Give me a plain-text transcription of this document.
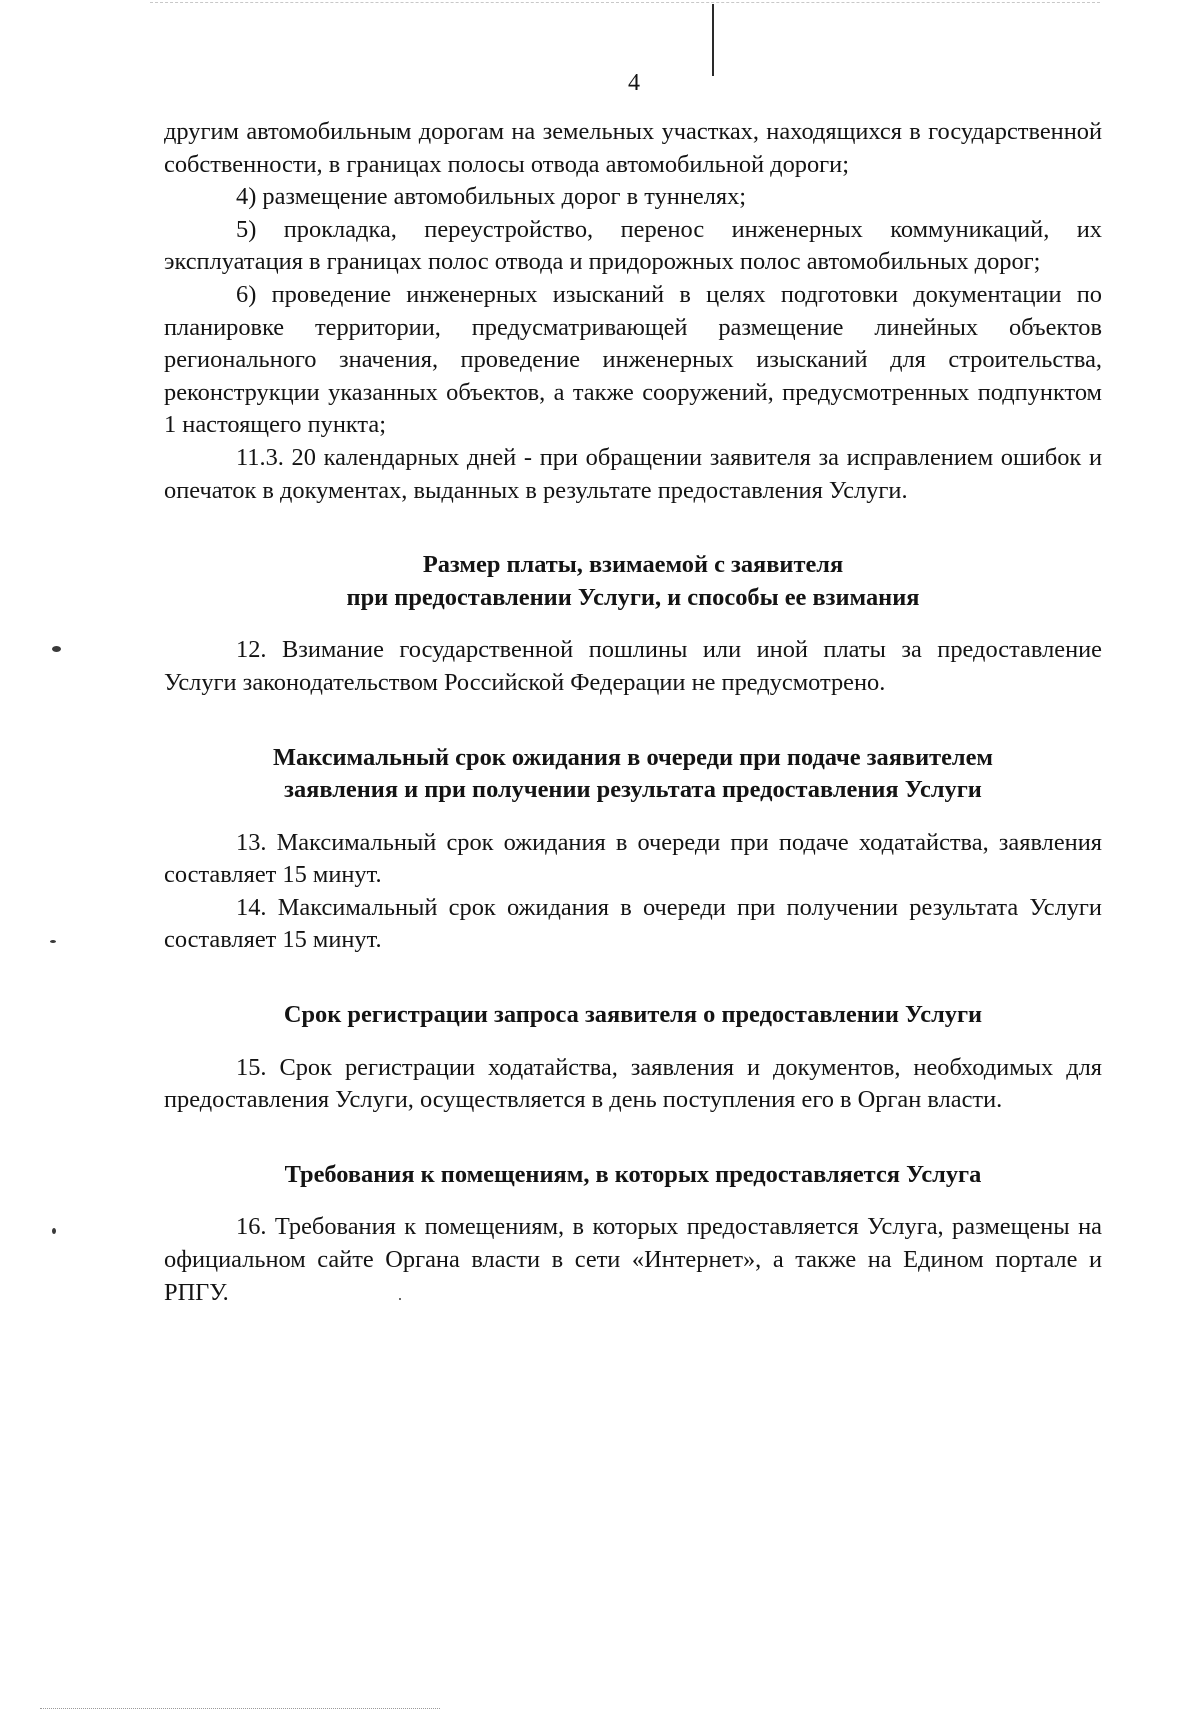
4

другим автомобильным дорогам на земельных участках, находящихся в государственной собственности, в границах полосы отвода автомобильной дороги;

4) размещение автомобильных дорог в туннелях;

5) прокладка, переустройство, перенос инженерных коммуникаций, их эксплуатация в границах полос отвода и придорожных полос автомобильных дорог;

6) проведение инженерных изысканий в целях подготовки документации по планировке территории, предусматривающей размещение линейных объектов регионального значения, проведение инженерных изысканий для строительства, реконструкции указанных объектов, а также сооружений, предусмотренных подпунктом 1 настоящего пункта;

11.3. 20 календарных дней - при обращении заявителя за исправлением ошибок и опечаток в документах, выданных в результате предоставления Услуги.

Размер платы, взимаемой с заявителя
при предоставлении Услуги, и способы ее взимания

12. Взимание государственной пошлины или иной платы за предоставление Услуги законодательством Российской Федерации не предусмотрено.

Максимальный срок ожидания в очереди при подаче заявителем
заявления и при получении результата предоставления Услуги

13. Максимальный срок ожидания в очереди при подаче ходатайства, заявления составляет 15 минут.

14. Максимальный срок ожидания в очереди при получении результата Услуги составляет 15 минут.

Срок регистрации запроса заявителя о предоставлении Услуги

15. Срок регистрации ходатайства, заявления и документов, необходимых для предоставления Услуги, осуществляется в день поступления его в Орган власти.

Требования к помещениям, в которых предоставляется Услуга

16. Требования к помещениям, в которых предоставляется Услуга, размещены на официальном сайте Органа власти в сети «Интернет», а также на Едином портале и РПГУ.
